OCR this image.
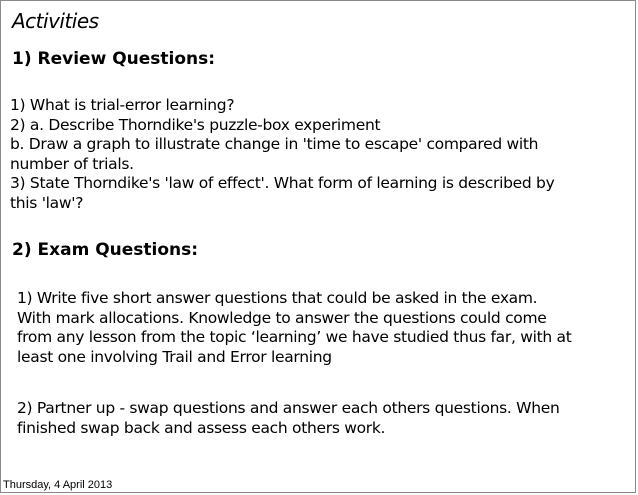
Activities
1) Review Questions:
1) What is trial-error learning?
2) a. Describe Thorndike's puzzle-box experiment
b. Draw a graph to illustrate change in 'time to escape' compared with
number of trials.
3) State Thorndike's 'law of effect'. What form of learning is described by
this 'law'?
2) Exam Questions:
1) Write five short answer questions that could be asked in the exam.
With mark allocations. Knowledge to answer the questions could come
from any lesson from the topic ‘learning’ we have studied thus far, with at
least one involving Trail and Error learning
2) Partner up - swap questions and answer each others questions. When
finished swap back and assess each others work.
Thursday, 4 April 2013
